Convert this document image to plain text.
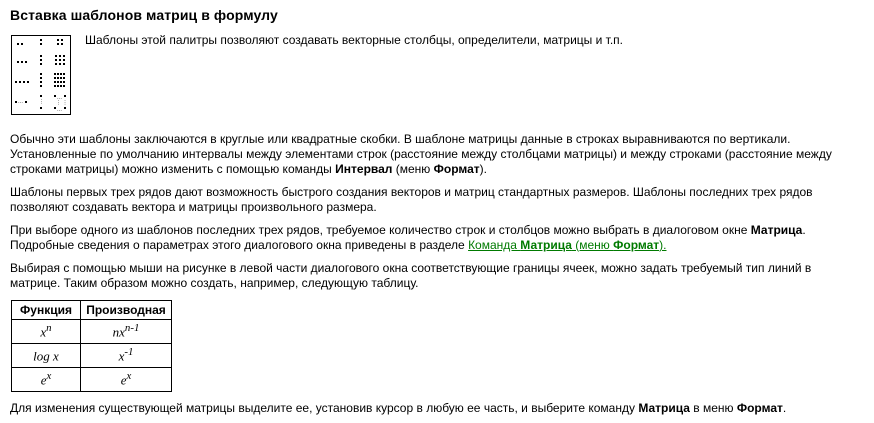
Вставка шаблонов матриц в формулу
…	⋮
…
⋮ ⋮
…
Шаблоны этой палитры позволяют создавать векторные столбцы, определители, матрицы и т.п.

Обычно эти шаблоны заключаются в круглые или квадратные скобки. В шаблоне матрицы данные в строках выравниваются по вертикали.
Установленные по умолчанию интервалы между элементами строк (расстояние между столбцами матрицы) и между строками (расстояние между строками матрицы) можно изменить с помощью команды Интервал (меню Формат).

Шаблоны первых трех рядов дают возможность быстрого создания векторов и матриц стандартных размеров. Шаблоны последних трех рядов позволяют создавать вектора и матрицы произвольного размера.

При выборе одного из шаблонов последних трех рядов, требуемое количество строк и столбцов можно выбрать в диалоговом окне Матрица.
Подробные сведения о параметрах этого диалогового окна приведены в разделе Команда Матрица (меню Формат).

Выбирая с помощью мыши на рисунке в левой части диалогового окна соответствующие границы ячеек, можно задать требуемый тип линий в
матрице. Таким образом можно создать, например, следующую таблицу.

Функция	Производная
$x^n$	$nx^{n-1}$
log x	$x^{-1}$
$e^x$	$e^x$

Для изменения существующей матрицы выделите ее, установив курсор в любую ее часть, и выберите команду Матрица в меню Формат.
